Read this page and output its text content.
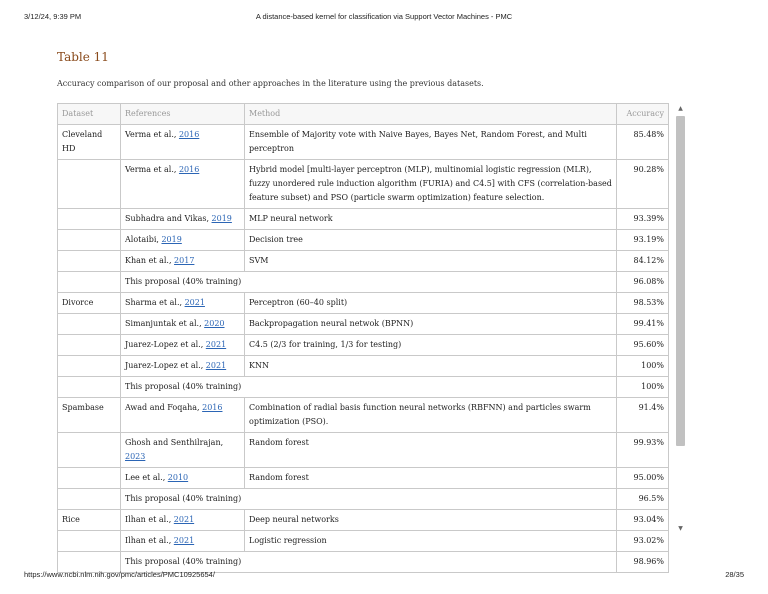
3/12/24, 9:39 PM	A distance-based kernel for classification via Support Vector Machines - PMC
Table 11
Accuracy comparison of our proposal and other approaches in the literature using the previous datasets.
Dataset	References	Method	Accuracy
Cleveland HD	Verma et al., 2016	Ensemble of Majority vote with Naive Bayes, Bayes Net, Random Forest, and Multi perceptron	85.48%
	Verma et al., 2016	Hybrid model [multi-layer perceptron (MLP), multinomial logistic regression (MLR), fuzzy unordered rule induction algorithm (FURIA) and C4.5] with CFS (correlation-based feature subset) and PSO (particle swarm optimization) feature selection.	90.28%
	Subhadra and Vikas, 2019	MLP neural network	93.39%
	Alotaibi, 2019	Decision tree	93.19%
	Khan et al., 2017	SVM	84.12%
	This proposal (40% training)		96.08%
Divorce	Sharma et al., 2021	Perceptron (60–40 split)	98.53%
	Simanjuntak et al., 2020	Backpropagation neural netwok (BPNN)	99.41%
	Juarez-Lopez et al., 2021	C4.5 (2/3 for training, 1/3 for testing)	95.60%
	Juarez-Lopez et al., 2021	KNN	100%
	This proposal (40% training)		100%
Spambase	Awad and Foqaha, 2016	Combination of radial basis function neural networks (RBFNN) and particles swarm optimization (PSO).	91.4%
	Ghosh and Senthilrajan, 2023	Random forest	99.93%
	Lee et al., 2010	Random forest	95.00%
	This proposal (40% training)		96.5%
Rice	Ilhan et al., 2021	Deep neural networks	93.04%
	Ilhan et al., 2021	Logistic regression	93.02%
	This proposal (40% training)		98.96%
▲
▼
https://www.ncbi.nlm.nih.gov/pmc/articles/PMC10925654/	28/35
